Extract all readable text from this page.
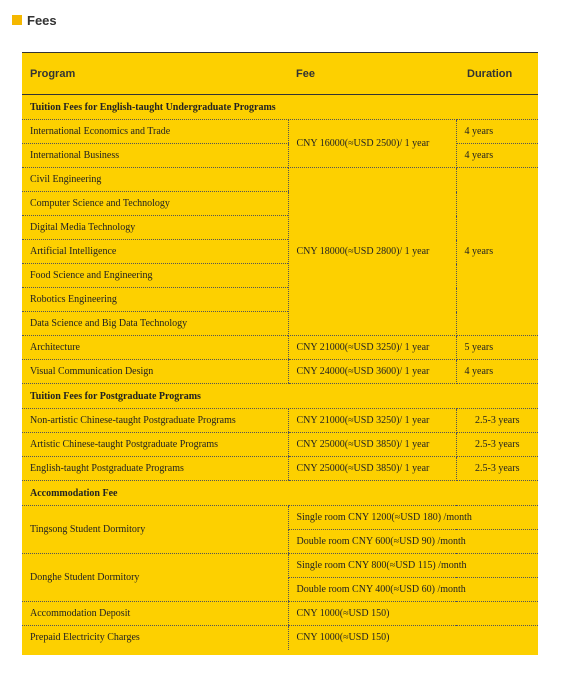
Fees
Program	Fee	Duration
Tuition Fees for English-taught Undergraduate Programs		
International Economics and Trade	CNY 16000(≈USD 2500)/ 1 year	4 years
International Business		4 years
Civil Engineering	CNY 18000(≈USD 2800)/ 1 year	4 years
Computer Science and Technology		
Digital Media Technology		
Artificial Intelligence		
Food Science and Engineering		
Robotics Engineering		
Data Science and Big Data Technology		
Architecture	CNY 21000(≈USD 3250)/ 1 year	5 years
Visual Communication Design	CNY 24000(≈USD 3600)/ 1 year	4 years
Tuition Fees for Postgraduate Programs		
Non-artistic Chinese-taught Postgraduate Programs	CNY 21000(≈USD 3250)/ 1 year	2.5-3 years
Artistic Chinese-taught Postgraduate Programs	CNY 25000(≈USD 3850)/ 1 year	2.5-3 years
English-taught Postgraduate Programs	CNY 25000(≈USD 3850)/ 1 year	2.5-3 years
Accommodation Fee		
Tingsong Student Dormitory	Single room CNY 1200(≈USD 180) /month	
	Double room CNY 600(≈USD 90) /month	
Donghe Student Dormitory	Single room CNY 800(≈USD 115) /month	
	Double room CNY 400(≈USD 60) /month	
Accommodation Deposit	CNY 1000(≈USD 150)	
Prepaid Electricity Charges	CNY 1000(≈USD 150)	
